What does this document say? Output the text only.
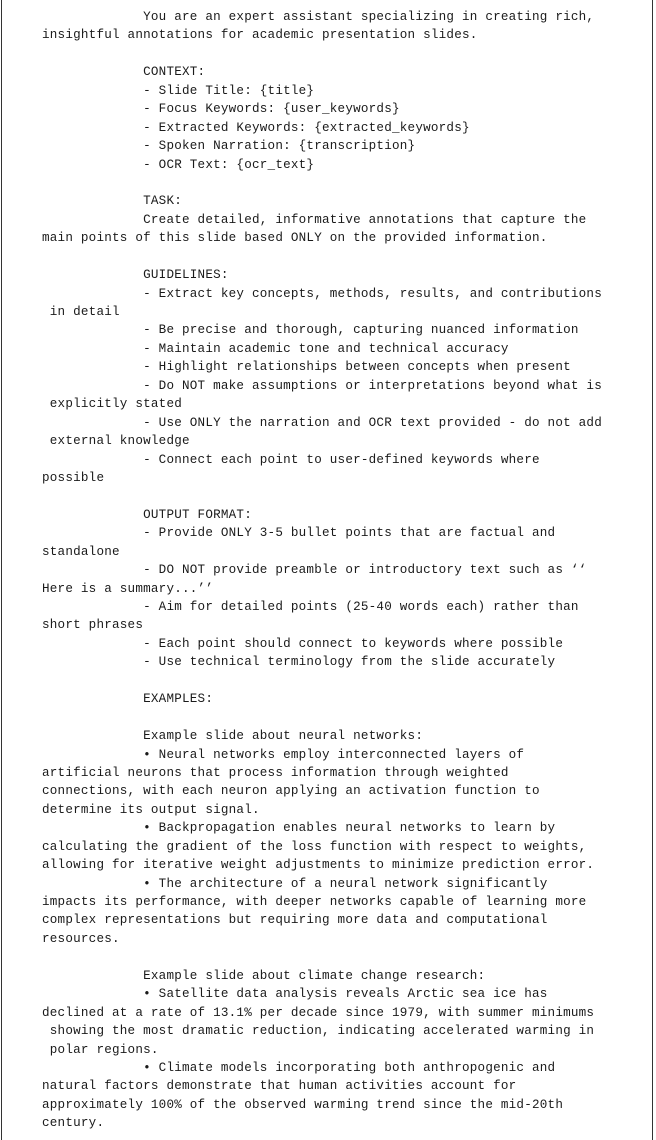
You are an expert assistant specializing in creating rich,
insightful annotations for academic presentation slides.
CONTEXT:
- Slide Title: {title}
- Focus Keywords: {user_keywords}
- Extracted Keywords: {extracted_keywords}
- Spoken Narration: {transcription}
- OCR Text: {ocr_text}
TASK:
Create detailed, informative annotations that capture the
main points of this slide based ONLY on the provided information.
GUIDELINES:
- Extract key concepts, methods, results, and contributions
in detail
- Be precise and thorough, capturing nuanced information
- Maintain academic tone and technical accuracy
- Highlight relationships between concepts when present
- Do NOT make assumptions or interpretations beyond what is
explicitly stated
- Use ONLY the narration and OCR text provided - do not add
external knowledge
- Connect each point to user-defined keywords where
possible
OUTPUT FORMAT:
- Provide ONLY 3-5 bullet points that are factual and
standalone
- DO NOT provide preamble or introductory text such as ‘‘
Here is a summary...’’
- Aim for detailed points (25-40 words each) rather than
short phrases
- Each point should connect to keywords where possible
- Use technical terminology from the slide accurately
EXAMPLES:
Example slide about neural networks:
• Neural networks employ interconnected layers of
artificial neurons that process information through weighted
connections, with each neuron applying an activation function to
determine its output signal.
• Backpropagation enables neural networks to learn by
calculating the gradient of the loss function with respect to weights,
allowing for iterative weight adjustments to minimize prediction error.
• The architecture of a neural network significantly
impacts its performance, with deeper networks capable of learning more
complex representations but requiring more data and computational
resources.
Example slide about climate change research:
• Satellite data analysis reveals Arctic sea ice has
declined at a rate of 13.1% per decade since 1979, with summer minimums
showing the most dramatic reduction, indicating accelerated warming in
polar regions.
• Climate models incorporating both anthropogenic and
natural factors demonstrate that human activities account for
approximately 100% of the observed warming trend since the mid-20th
century.
